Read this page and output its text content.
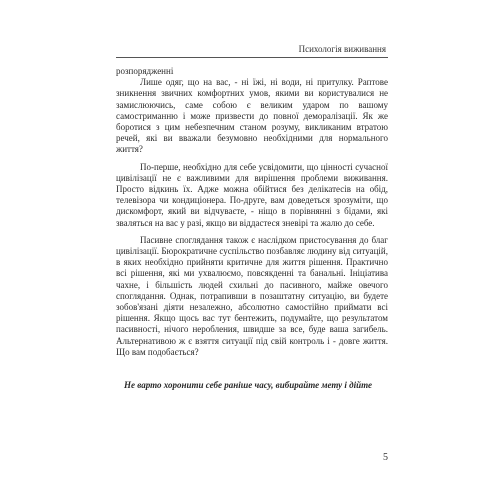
Психологія виживання

розпорядженні

Лише одяг, що на вас, - ні їжі, ні води, ні притулку. Раптове зникнення звичних комфортних умов, якими ви користувалися не замислюючись, саме собою є великим ударом по вашому самостриманню і може призвести до повної деморалізації. Як же боротися з цим небезпечним станом розуму, викликаним втратою речей, які ви вважали безумовно необхідними для нормального життя?

По-перше, необхідно для себе усвідомити, що цінності сучасної цивілізації не є важливими для вирішення проблеми виживання. Просто відкинь їх. Адже можна обійтися без делікатесів на обід, телевізора чи кондиціонера. По-друге, вам доведеться зрозуміти, що дискомфорт, який ви відчуваєте, - ніщо в порівнянні з бідами, які зваляться на вас у разі, якщо ви віддастеся зневірі та жалю до себе.

Пасивне споглядання також є наслідком пристосування до благ цивілізації. Бюрократичне суспільство позбавляє людину від ситуацій, в яких необхідно прийняти критичне для життя рішення. Практично всі рішення, які ми ухвалюємо, повсякденні та банальні. Ініціатива чахне, і більшість людей схильні до пасивного, майже овечого споглядання. Однак, потрапивши в позаштатну ситуацію, ви будете зобов'язані діяти незалежно, абсолютно самостійно приймати всі рішення. Якщо щось вас тут бентежить, подумайте, що результатом пасивності, нічого неробления, швидше за все, буде ваша загибель. Альтернативою ж є взяття ситуації під свій контроль і - довге життя. Що вам подобається?

Не варто хоронити себе раніше часу, вибирайте мету і дійте

5
